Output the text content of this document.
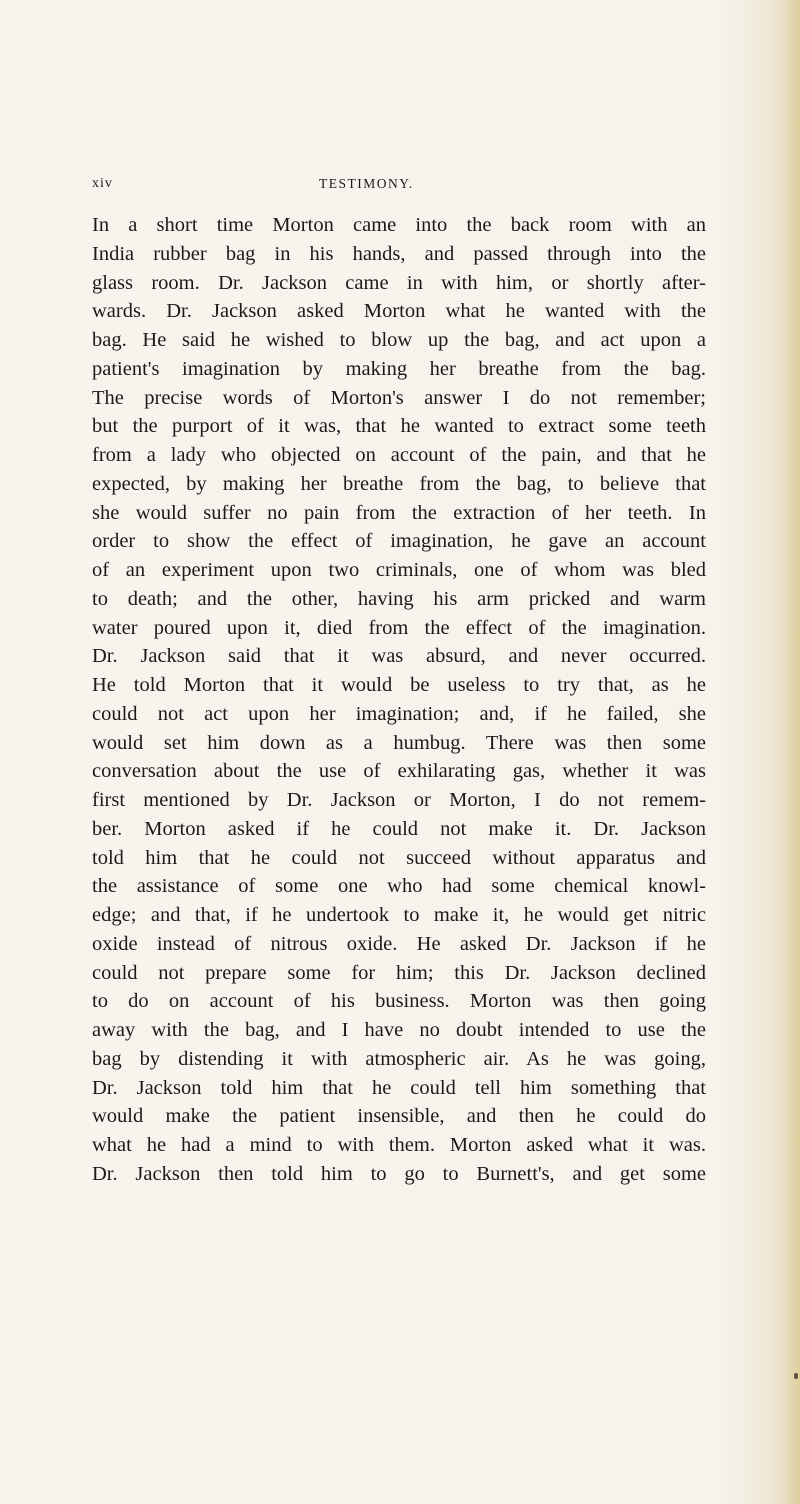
xiv	TESTIMONY.
In a short time Morton came into the back room with an
India rubber bag in his hands, and passed through into the
glass room. Dr. Jackson came in with him, or shortly after-
wards. Dr. Jackson asked Morton what he wanted with the
bag. He said he wished to blow up the bag, and act upon a
patient's imagination by making her breathe from the bag.
The precise words of Morton's answer I do not remember;
but the purport of it was, that he wanted to extract some teeth
from a lady who objected on account of the pain, and that he
expected, by making her breathe from the bag, to believe that
she would suffer no pain from the extraction of her teeth. In
order to show the effect of imagination, he gave an account
of an experiment upon two criminals, one of whom was bled
to death; and the other, having his arm pricked and warm
water poured upon it, died from the effect of the imagination.
Dr. Jackson said that it was absurd, and never occurred.
He told Morton that it would be useless to try that, as he
could not act upon her imagination; and, if he failed, she
would set him down as a humbug. There was then some
conversation about the use of exhilarating gas, whether it was
first mentioned by Dr. Jackson or Morton, I do not remem-
ber. Morton asked if he could not make it. Dr. Jackson
told him that he could not succeed without apparatus and
the assistance of some one who had some chemical knowl-
edge; and that, if he undertook to make it, he would get nitric
oxide instead of nitrous oxide. He asked Dr. Jackson if he
could not prepare some for him; this Dr. Jackson declined
to do on account of his business. Morton was then going
away with the bag, and I have no doubt intended to use the
bag by distending it with atmospheric air. As he was going,
Dr. Jackson told him that he could tell him something that
would make the patient insensible, and then he could do
what he had a mind to with them. Morton asked what it was.
Dr. Jackson then told him to go to Burnett's, and get some
